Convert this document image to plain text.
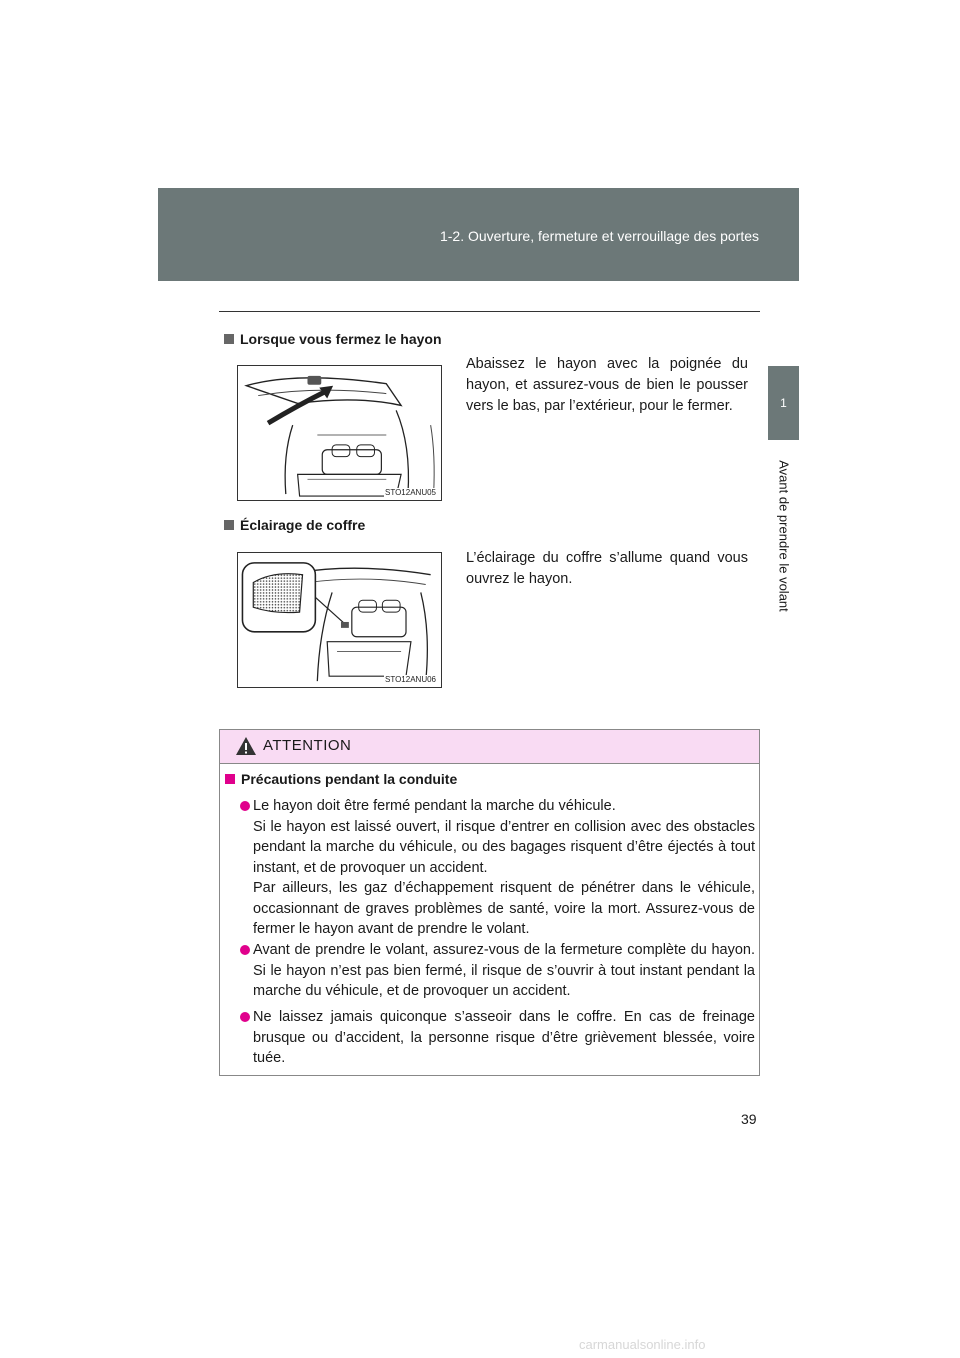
1-2. Ouverture, fermeture et verrouillage des portes
1
Avant de prendre le volant
Lorsque vous fermez le hayon
Abaissez le hayon avec la poignée du hayon, et assurez-vous de bien le pousser vers le bas, par l’extérieur, pour le fermer.
STO12ANU05
Éclairage de coffre
L’éclairage du coffre s’allume quand vous ouvrez le hayon.
STO12ANU06
ATTENTION
Précautions pendant la conduite

Le hayon doit être fermé pendant la marche du véhicule.

Si le hayon est laissé ouvert, il risque d’entrer en collision avec des obstacles pendant la marche du véhicule, ou des bagages risquent d’être éjectés à tout instant, et de provoquer un accident.

Par ailleurs, les gaz d’échappement risquent de pénétrer dans le véhicule, occasionnant de graves problèmes de santé, voire la mort. Assurez-vous de fermer le hayon avant de prendre le volant.

Avant de prendre le volant, assurez-vous de la fermeture complète du hayon. Si le hayon n’est pas bien fermé, il risque de s’ouvrir à tout instant pendant la marche du véhicule, et de provoquer un accident.

Ne laissez jamais quiconque s’asseoir dans le coffre. En cas de freinage brusque ou d’accident, la personne risque d’être grièvement blessée, voire tuée.

39
carmanualsonline.info
